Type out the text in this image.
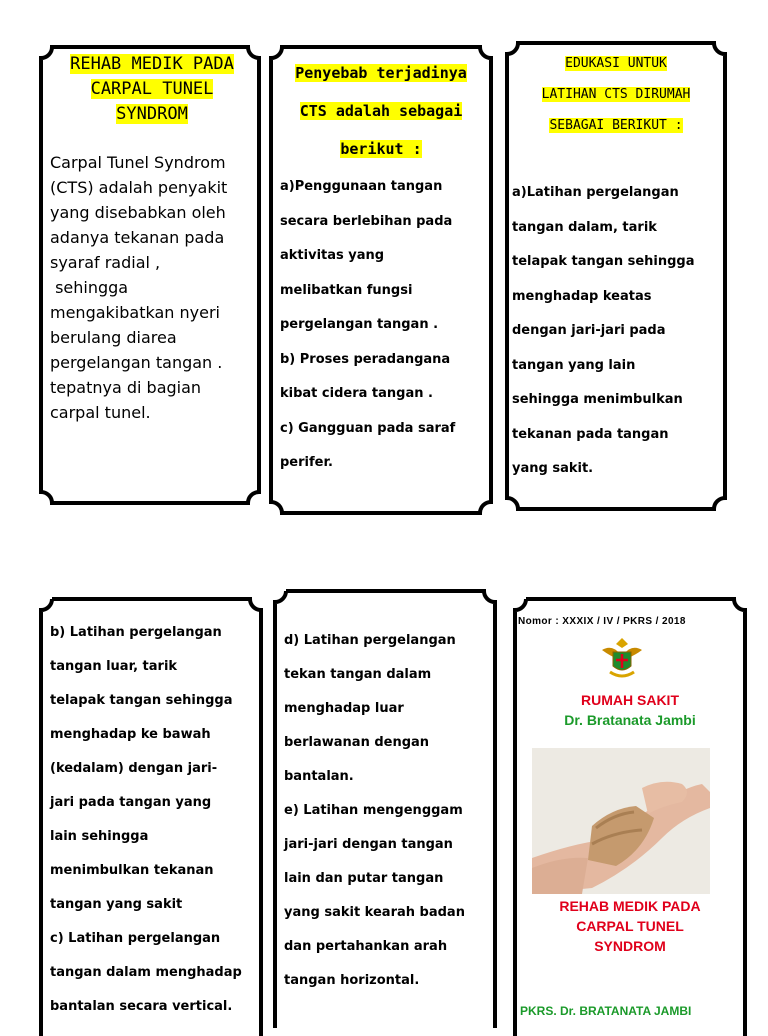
REHAB MEDIK PADA
CARPAL TUNEL
SYNDROM
Carpal Tunel Syndrom
(CTS) adalah penyakit
yang disebabkan oleh
adanya tekanan pada
syaraf radial ,
sehingga
mengakibatkan nyeri
berulang diarea
pergelangan tangan .
tepatnya di bagian
carpal tunel.
Penyebab terjadinya
CTS adalah sebagai
berikut :
a)Penggunaan tangan
secara berlebihan pada
aktivitas yang
melibatkan fungsi
pergelangan tangan .
b) Proses peradangana
kibat cidera tangan .
c) Gangguan pada saraf
perifer.
EDUKASI UNTUK
LATIHAN CTS DIRUMAH
SEBAGAI BERIKUT :
a)Latihan pergelangan
tangan dalam, tarik
telapak tangan sehingga
menghadap keatas
dengan jari-jari pada
tangan yang lain
sehingga menimbulkan
tekanan pada tangan
yang sakit.
b) Latihan pergelangan
tangan luar, tarik
telapak tangan sehingga
menghadap ke bawah
(kedalam) dengan jari-
jari pada tangan yang
lain sehingga
menimbulkan tekanan
tangan yang sakit
c) Latihan pergelangan
tangan dalam menghadap
bantalan secara vertical.
d) Latihan pergelangan
tekan tangan dalam
menghadap luar
berlawanan dengan
bantalan.
e) Latihan mengenggam
jari-jari dengan tangan
lain dan putar tangan
yang sakit kearah badan
dan pertahankan arah
tangan horizontal.
Nomor : XXXIX / IV / PKRS / 2018
RUMAH SAKIT
Dr. Bratanata Jambi
REHAB MEDIK PADA
CARPAL TUNEL
SYNDROM
PKRS. Dr. BRATANATA JAMBI
